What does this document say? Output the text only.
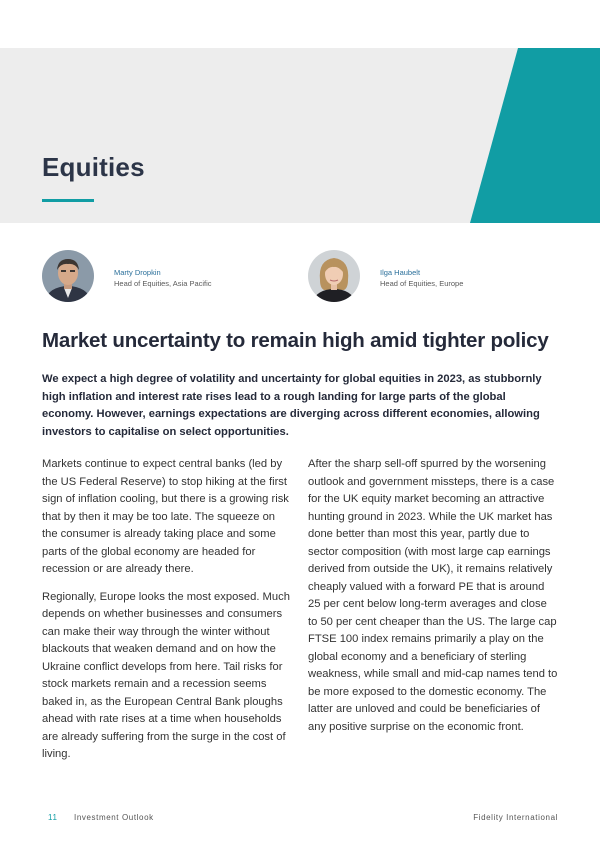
Equities
Marty Dropkin
Head of Equities, Asia Pacific
Ilga Haubelt
Head of Equities, Europe
Market uncertainty to remain high amid tighter policy

We expect a high degree of volatility and uncertainty for global equities in 2023, as stubbornly high inflation and interest rate rises lead to a rough landing for large parts of the global economy. However, earnings expectations are diverging across different economies, allowing investors to capitalise on select opportunities.

Markets continue to expect central banks (led by the US Federal Reserve) to stop hiking at the first sign of inflation cooling, but there is a growing risk that by then it may be too late. The squeeze on the consumer is already taking place and some parts of the global economy are headed for recession or are already there.

Regionally, Europe looks the most exposed. Much depends on whether businesses and consumers can make their way through the winter without blackouts that weaken demand and on how the Ukraine conflict develops from here. Tail risks for stock markets remain and a recession seems baked in, as the European Central Bank ploughs ahead with rate rises at a time when households are already suffering from the surge in the cost of living.

After the sharp sell-off spurred by the worsening outlook and government missteps, there is a case for the UK equity market becoming an attractive hunting ground in 2023. While the UK market has done better than most this year, partly due to sector composition (with most large cap earnings derived from outside the UK), it remains relatively cheaply valued with a forward PE that is around 25 per cent below long-term averages and close to 50 per cent cheaper than the US. The large cap FTSE 100 index remains primarily a play on the global economy and a beneficiary of sterling weakness, while small and mid-cap names tend to be more exposed to the domestic economy. The latter are unloved and could be beneficiaries of any positive surprise on the economic front.

11 Investment Outlook	Fidelity International
